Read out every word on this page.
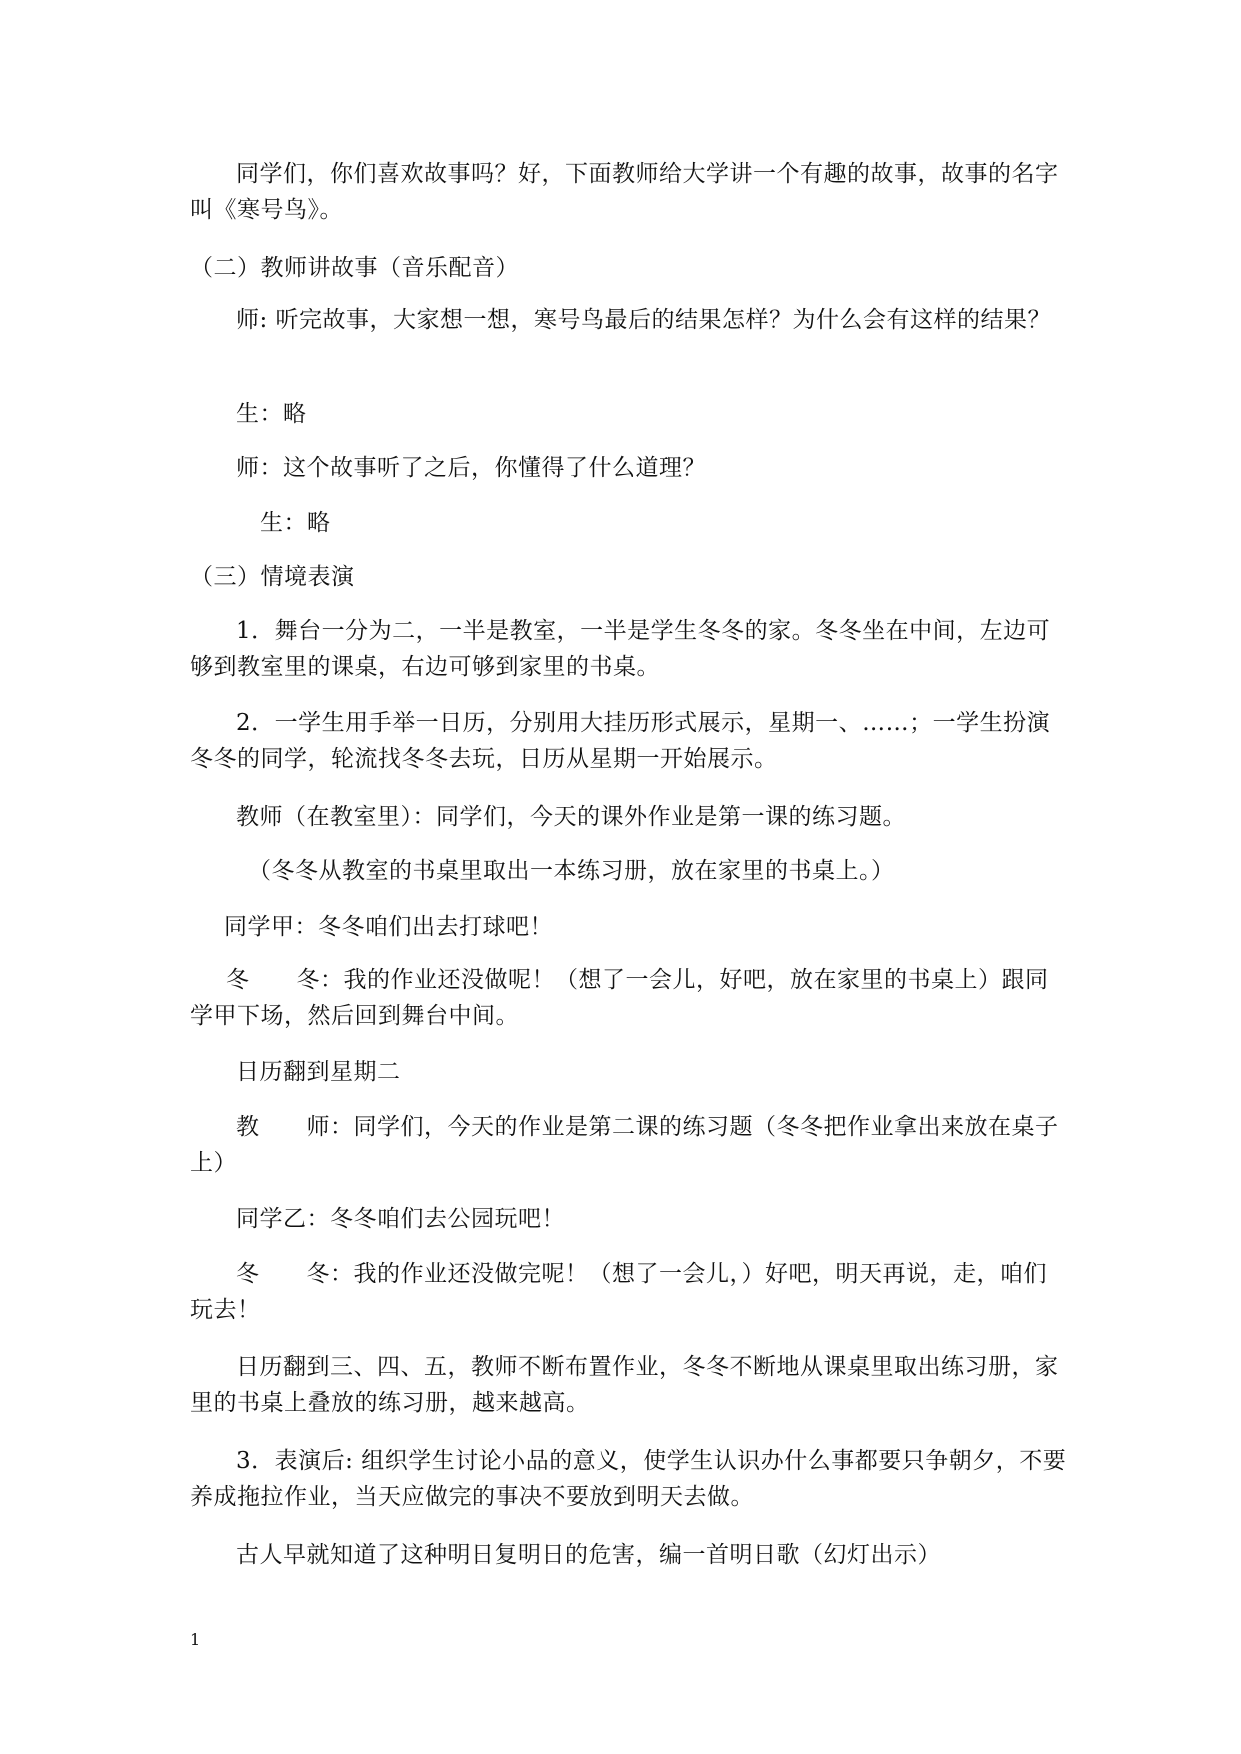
同学们，你们喜欢故事吗？好，下面教师给大学讲一个有趣的故事，故事的名字叫《寒号鸟》。

（二）教师讲故事（音乐配音）

师: 听完故事，大家想一想，寒号鸟最后的结果怎样？为什么会有这样的结果？

生：略

师：这个故事听了之后，你懂得了什么道理？

生：略

（三）情境表演

1．舞台一分为二，一半是教室，一半是学生冬冬的家。冬冬坐在中间，左边可够到教室里的课桌，右边可够到家里的书桌。

2．一学生用手举一日历，分别用大挂历形式展示，星期一、……；一学生扮演冬冬的同学，轮流找冬冬去玩，日历从星期一开始展示。

教师（在教室里）：同学们，今天的课外作业是第一课的练习题。

（冬冬从教室的书桌里取出一本练习册，放在家里的书桌上。）

同学甲：冬冬咱们出去打球吧！

冬　　冬：我的作业还没做呢！（想了一会儿，好吧，放在家里的书桌上）跟同学甲下场，然后回到舞台中间。

日历翻到星期二

教　　师：同学们，今天的作业是第二课的练习题（冬冬把作业拿出来放在桌子上）

同学乙：冬冬咱们去公园玩吧！

冬　　冬：我的作业还没做完呢！（想了一会儿，）好吧，明天再说，走，咱们玩去！

日历翻到三、四、五，教师不断布置作业，冬冬不断地从课桌里取出练习册，家里的书桌上叠放的练习册，越来越高。

3．表演后: 组织学生讨论小品的意义，使学生认识办什么事都要只争朝夕，不要养成拖拉作业，当天应做完的事决不要放到明天去做。

古人早就知道了这种明日复明日的危害，编一首明日歌（幻灯出示）

1
